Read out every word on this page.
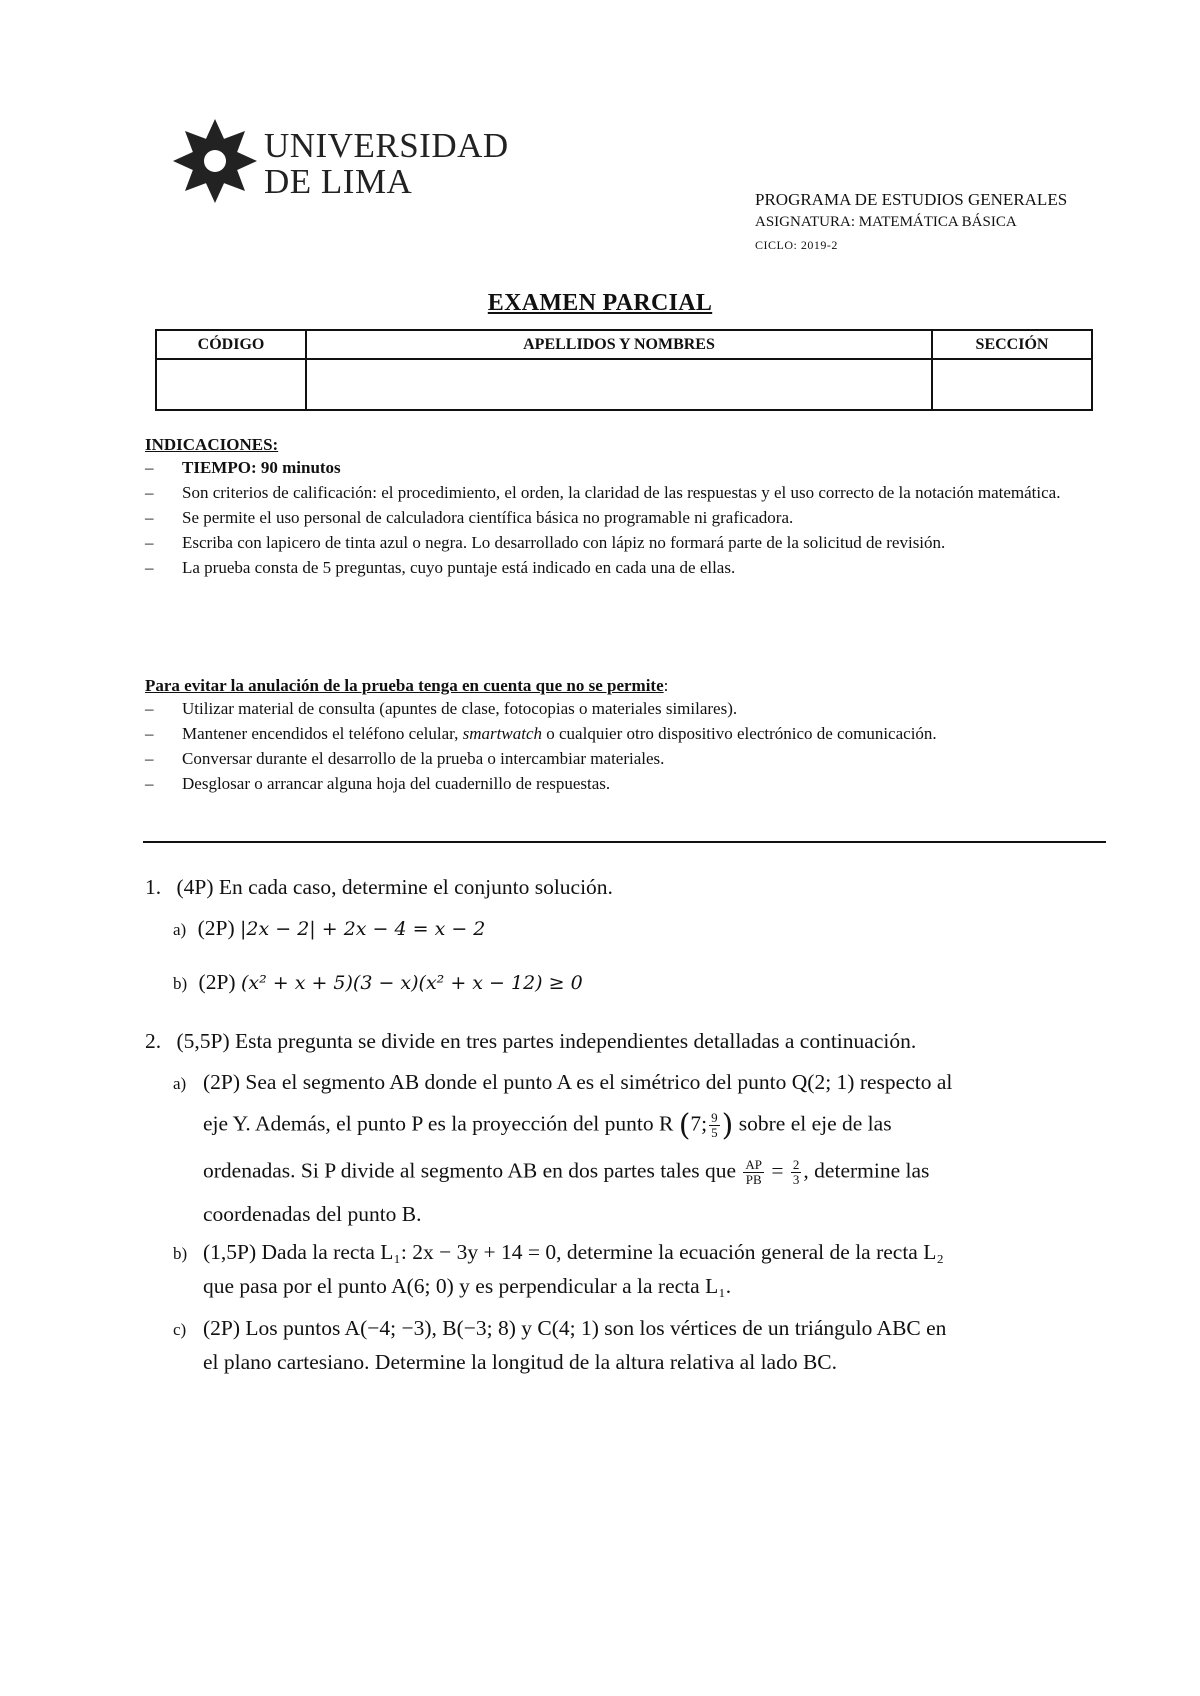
UNIVERSIDAD
DE LIMA	PROGRAMA DE ESTUDIOS GENERALES
ASIGNATURA: MATEMÁTICA BÁSICA
CICLO: 2019-2
EXAMEN PARCIAL
CÓDIGO	APELLIDOS Y NOMBRES	SECCIÓN

INDICACIONES:
– TIEMPO: 90 minutos
– Son criterios de calificación: el procedimiento, el orden, la claridad de las respuestas y el uso correcto de la notación matemática.
– Se permite el uso personal de calculadora científica básica no programable ni graficadora.
– Escriba con lapicero de tinta azul o negra. Lo desarrollado con lápiz no formará parte de la solicitud de revisión.
– La prueba consta de 5 preguntas, cuyo puntaje está indicado en cada una de ellas.
Para evitar la anulación de la prueba tenga en cuenta que no se permite:
– Utilizar material de consulta (apuntes de clase, fotocopias o materiales similares).
– Mantener encendidos el teléfono celular, smartwatch o cualquier otro dispositivo electrónico de comunicación.
– Conversar durante el desarrollo de la prueba o intercambiar materiales.
– Desglosar o arrancar alguna hoja del cuadernillo de respuestas.
1. (4P) En cada caso, determine el conjunto solución.
a) (2P) |2x − 2| + 2x − 4 = x − 2
b) (2P) (x² + x + 5)(3 − x)(x² + x − 12) ≥ 0
2. (5,5P) Esta pregunta se divide en tres partes independientes detalladas a continuación.
a) (2P) Sea el segmento AB donde el punto A es el simétrico del punto Q(2; 1) respecto al
eje Y. Además, el punto P es la proyección del punto R (7; $\frac{9}{5}$ ) sobre el eje de las
ordenadas. Si P divide al segmento AB en dos partes tales que $\frac{AP}{PB} = \frac{2}{3}$ , determine las
coordenadas del punto B.
b) (1,5P) Dada la recta L₁: 2x − 3y + 14 = 0, determine la ecuación general de la recta L₂
que pasa por el punto A(6; 0) y es perpendicular a la recta L₁.
c) (2P) Los puntos A(−4; −3), B(−3; 8) y C(4; 1) son los vértices de un triángulo ABC en
el plano cartesiano. Determine la longitud de la altura relativa al lado BC.
